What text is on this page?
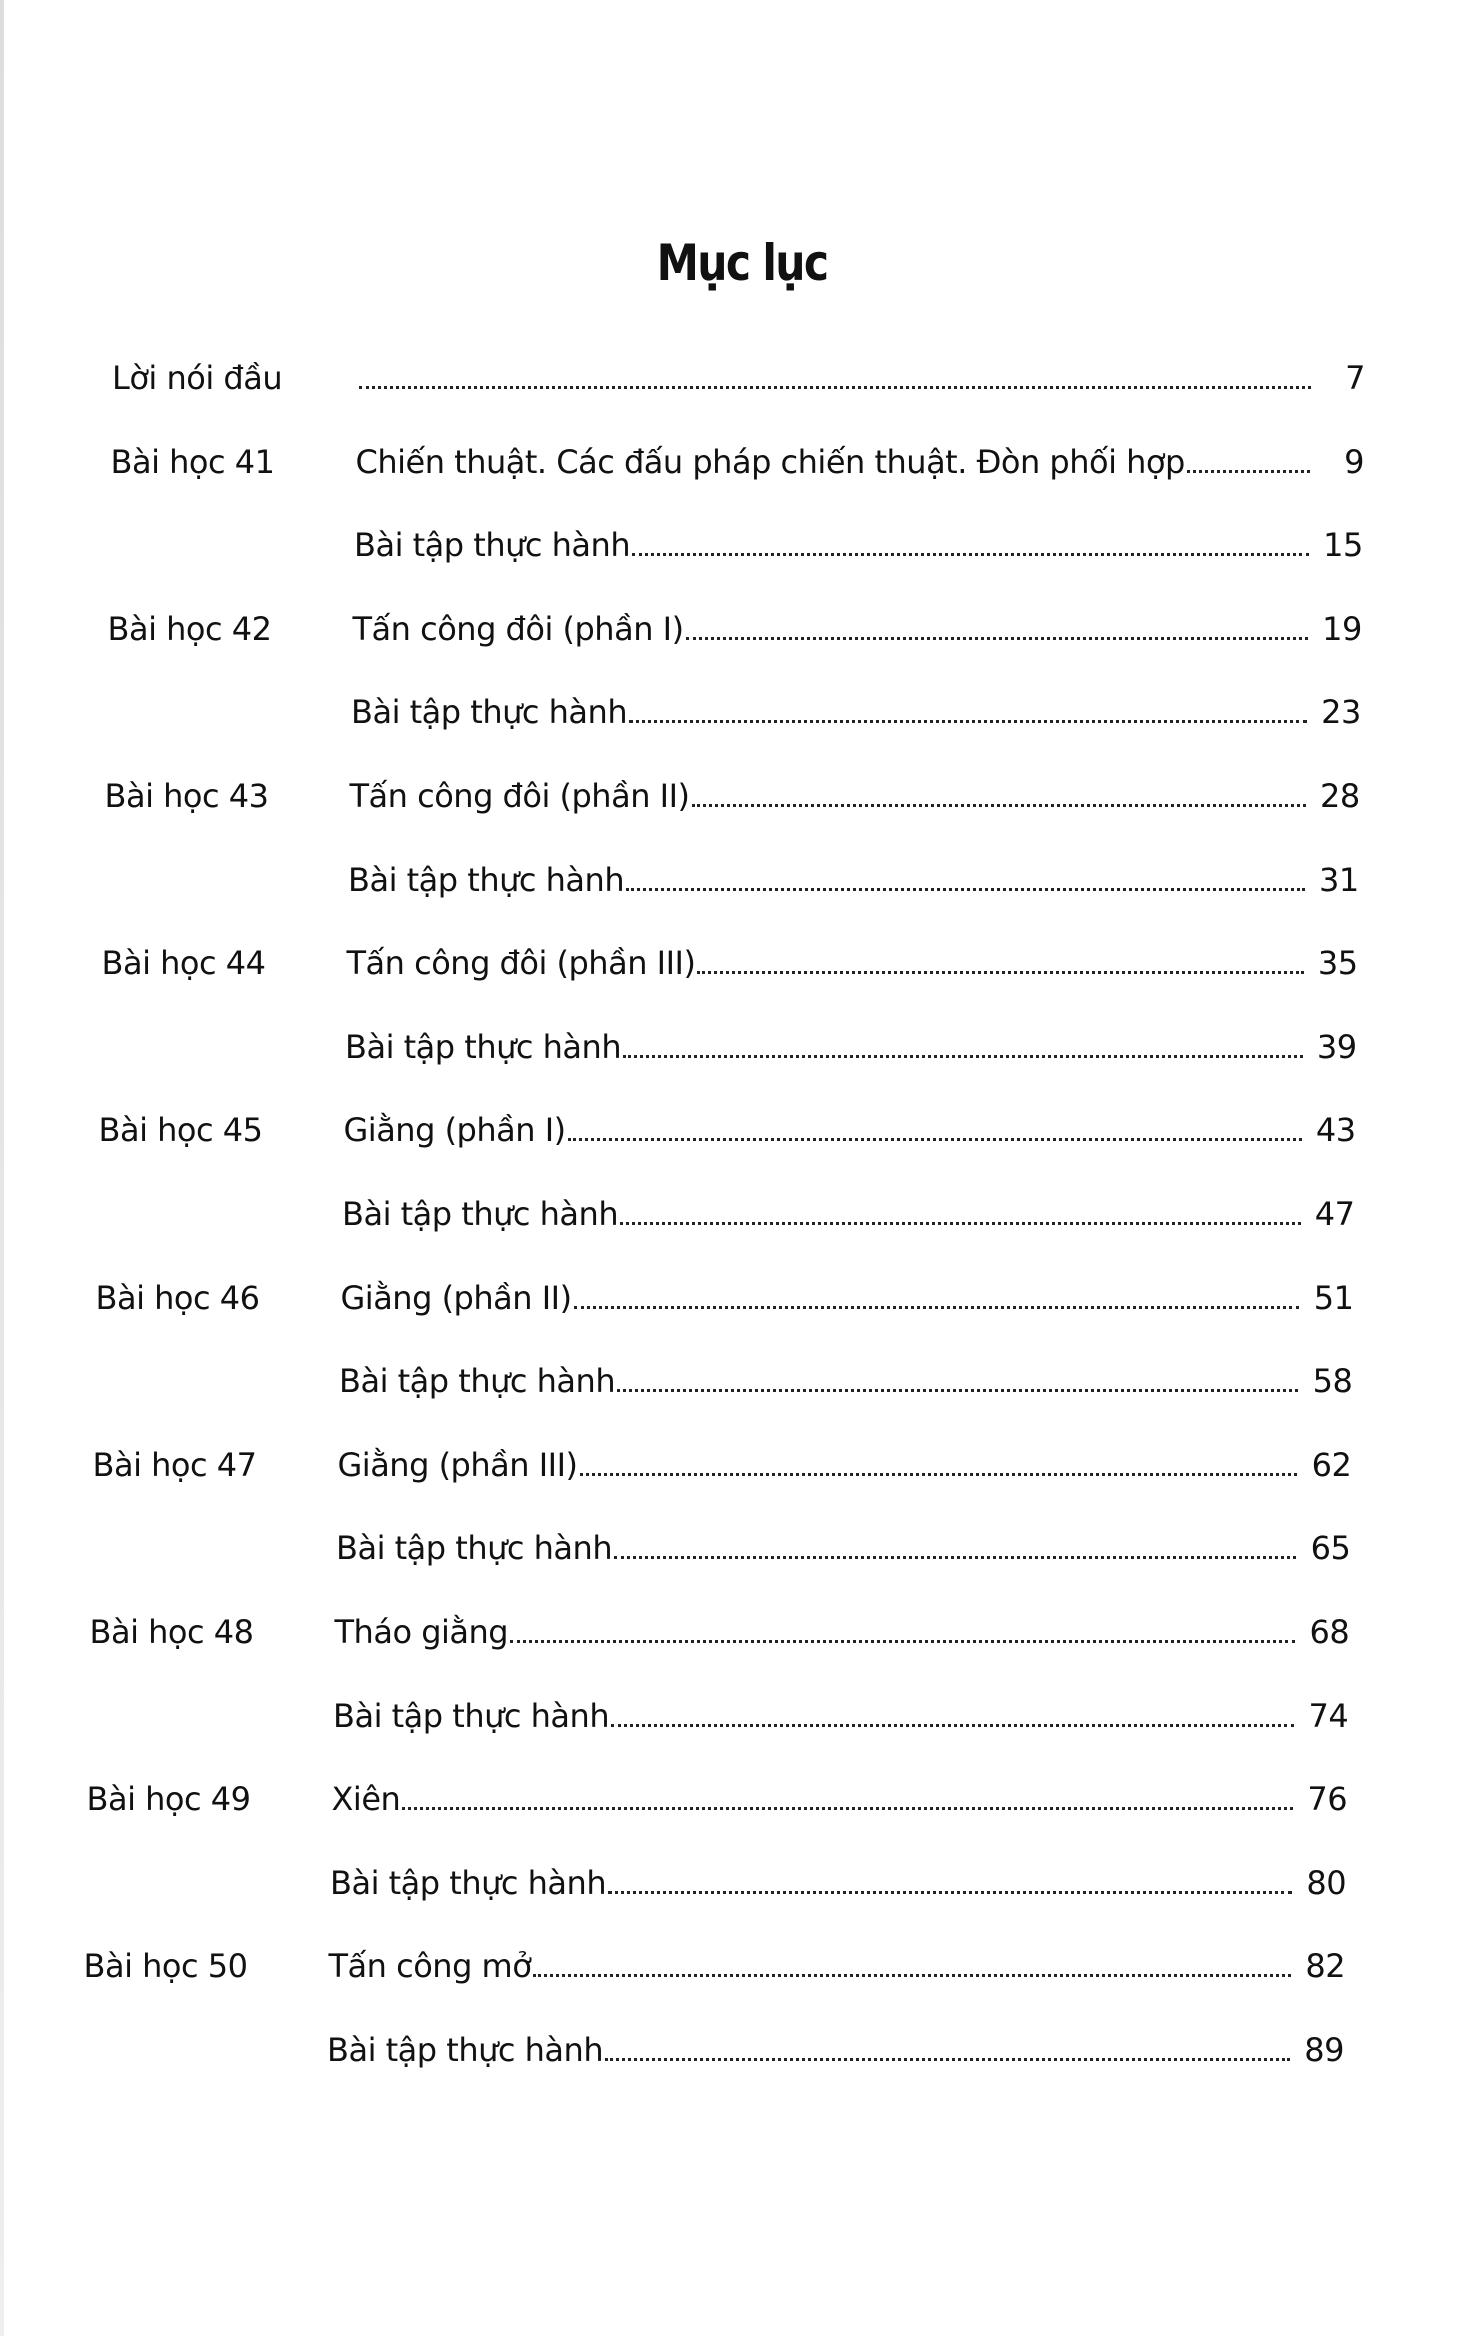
Mục lục
Lời nói đầu	7
Bài học 41	Chiến thuật. Các đấu pháp chiến thuật. Đòn phối hợp	9
Bài tập thực hành	15
Bài học 42	Tấn công đôi (phần I)	19
Bài tập thực hành	23
Bài học 43	Tấn công đôi (phần II)	28
Bài tập thực hành	31
Bài học 44	Tấn công đôi (phần III)	35
Bài tập thực hành	39
Bài học 45	Giằng (phần I)	43
Bài tập thực hành	47
Bài học 46	Giằng (phần II)	51
Bài tập thực hành	58
Bài học 47	Giằng (phần III)	62
Bài tập thực hành	65
Bài học 48	Tháo giằng	68
Bài tập thực hành	74
Bài học 49	Xiên	76
Bài tập thực hành	80
Bài học 50	Tấn công mở	82
Bài tập thực hành	89
